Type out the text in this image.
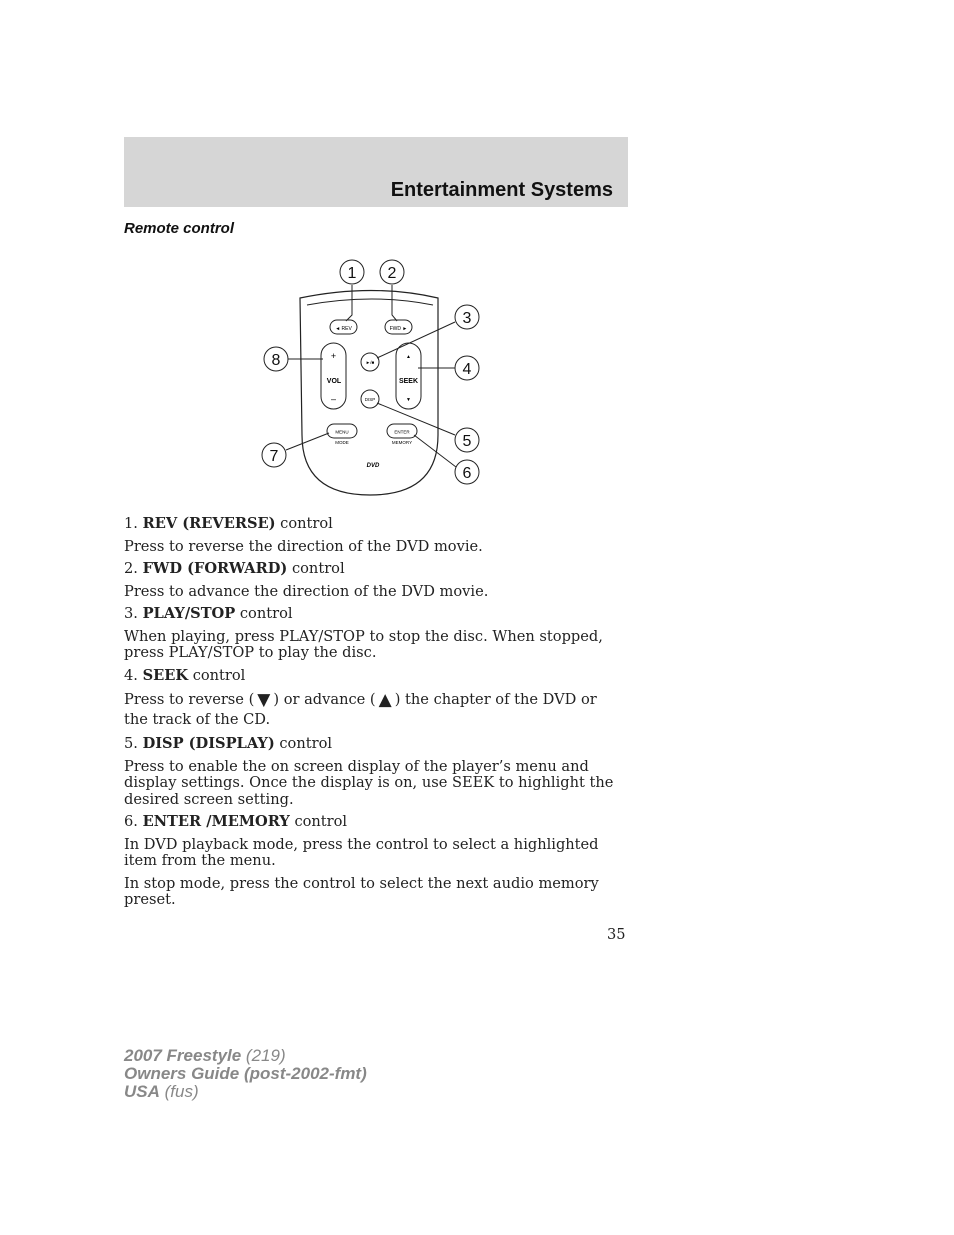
Entertainment Systems
Remote control
◄ REV	FWD ►
+
VOL
–
►/■
DISP
▲
SEEK
▼
MENU
MODE
ENTER
MEMORY
DVD
1 2
3
4
5
6
7
8

1. REV (REVERSE) control

Press to reverse the direction of the DVD movie.

2. FWD (FORWARD) control

Press to advance the direction of the DVD movie.

3. PLAY/STOP control

When playing, press PLAY/STOP to stop the disc. When stopped, press PLAY/STOP to play the disc.

4. SEEK control

Press to reverse ( ▼ ) or advance ( ▲ ) the chapter of the DVD or the track of the CD.

5. DISP (DISPLAY) control

Press to enable the on screen display of the player’s menu and display settings. Once the display is on, use SEEK to highlight the desired screen setting.

6. ENTER /MEMORY control

In DVD playback mode, press the control to select a highlighted item from the menu.

In stop mode, press the control to select the next audio memory preset.

35
2007 Freestyle (219)
Owners Guide (post-2002-fmt)
USA (fus)
